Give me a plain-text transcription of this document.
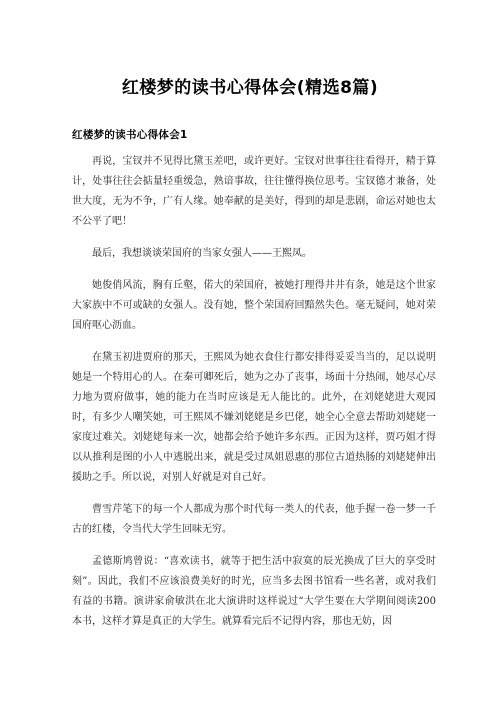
红楼梦的读书心得体会(精选8篇)
红楼梦的读书心得体会1

再说，宝钗并不见得比黛玉差吧，或许更好。宝钗对世事往往看得开，精于算计，处事往往会掂量轻重缓急，熟谙事故，往往懂得换位思考。宝钗德才兼备，处世大度，无为不争，广有人缘。她奉献的是美好，得到的却是悲剧，命运对她也太不公平了吧！

最后，我想谈谈荣国府的当家女强人——王熙凤。

她俊俏风流，胸有丘壑，偌大的荣国府，被她打理得井井有条，她是这个世家大家族中不可或缺的女强人。没有她，整个荣国府回黯然失色。毫无疑问，她对荣国府呕心沥血。

在黛玉初进贾府的那天，王熙凤为她衣食住行都安排得妥妥当当的，足以说明她是一个特用心的人。在秦可卿死后，她为之办了丧事，场面十分热闹，她尽心尽力地为贾府做事，她的能力在当时应该是无人能比的。此外，在刘姥姥进大观园时，有多少人嘲笑她，可王熙凤不嫌刘姥姥是乡巴佬，她全心全意去帮助刘姥姥一家度过难关。刘姥姥每来一次，她都会给予她许多东西。正因为这样，贾巧姐才得以从推利是图的小人中逃脱出来，就是受过凤姐恩惠的那位古道热肠的刘姥姥伸出援助之手。所以说，对别人好就是对自己好。

曹雪芹笔下的每一个人都成为那个时代每一类人的代表，他手握一卷一梦一千古的红楼，令当代大学生回味无穷。

孟德斯鸠曾说：“喜欢读书，就等于把生活中寂寞的辰光换成了巨大的享受时刻”。因此，我们不应该浪费美好的时光，应当多去图书馆看一些名著，或对我们有益的书籍。演讲家俞敏洪在北大演讲时这样说过“大学生要在大学期间阅读200本书，这样才算是真正的大学生。就算看完后不记得内容，那也无妨，因
